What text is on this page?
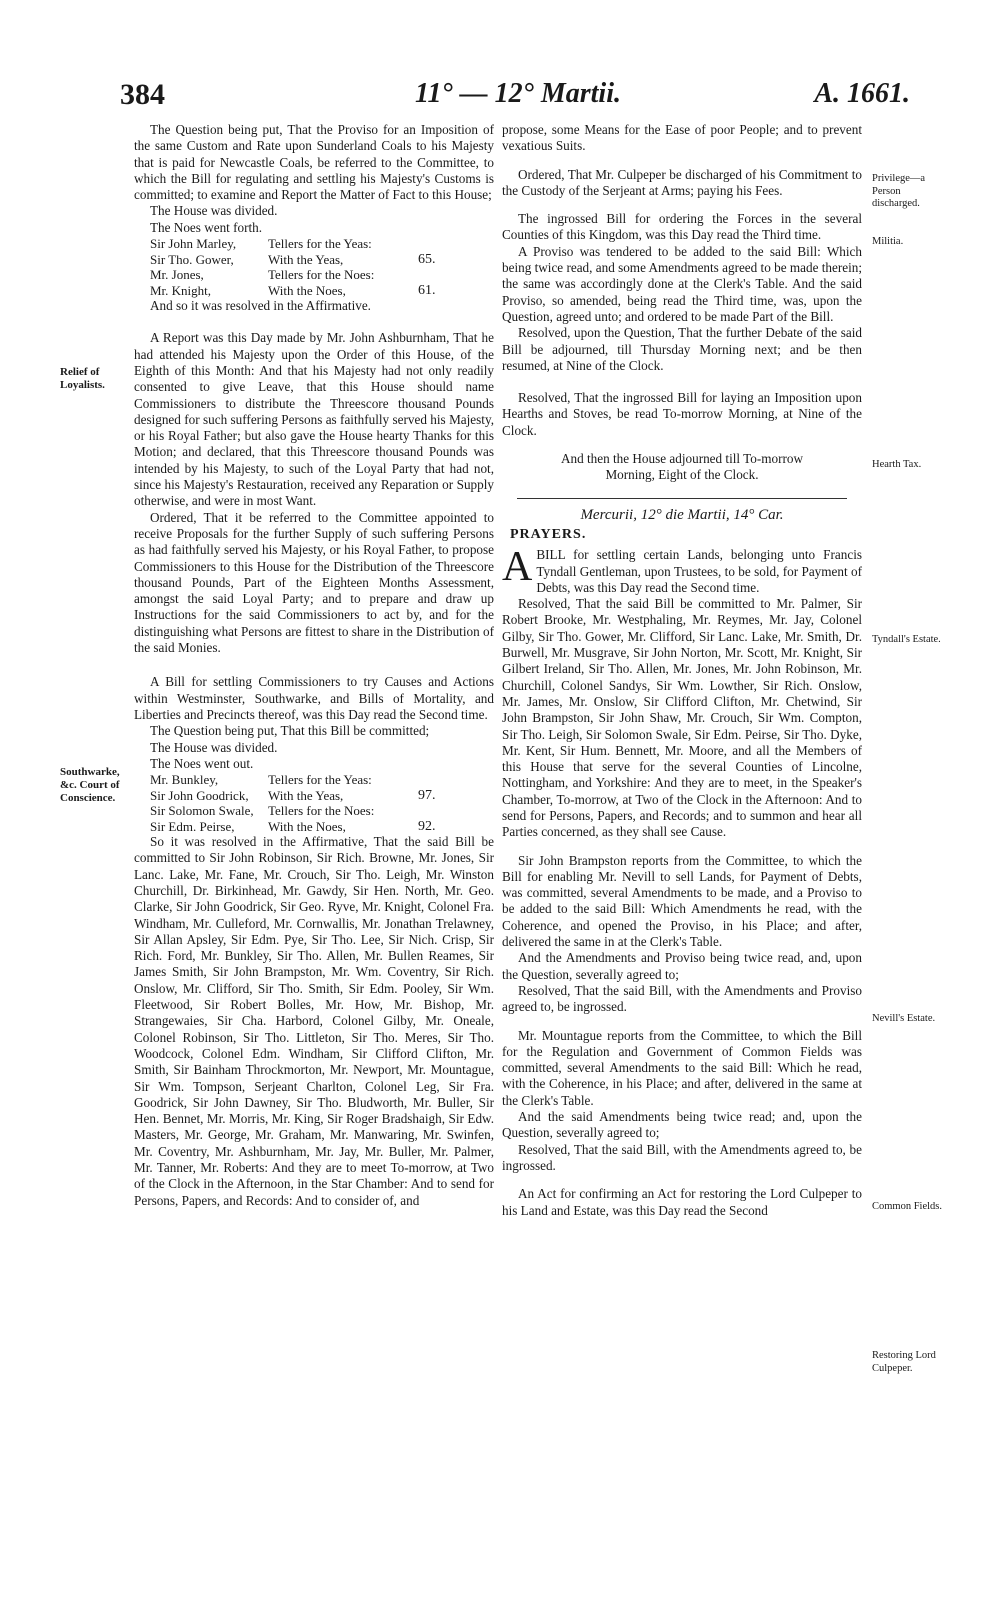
384	11° — 12° Martii.	A. 1661.
Relief of Loyalists.
Southwarke, &c. Court of Conscience.
Privilege—a Person discharged.
Militia.
Hearth Tax.
Tyndall's Estate.
Nevill's Estate.
Common Fields.
Restoring Lord Culpeper.

The Question being put, That the Proviso for an Imposition of the same Custom and Rate upon Sunderland Coals to his Majesty that is paid for Newcastle Coals, be referred to the Committee, to which the Bill for regulating and settling his Majesty's Customs is committed; to examine and Report the Matter of Fact to this House;

The House was divided.

The Noes went forth.

Sir John Marley,	Tellers for the Yeas:
Sir Tho. Gower,	With the Yeas,	65.
Mr. Jones,	Tellers for the Noes:
Mr. Knight,	With the Noes,	61.

And so it was resolved in the Affirmative.

A Report was this Day made by Mr. John Ashburnham, That he had attended his Majesty upon the Order of this House, of the Eighth of this Month: And that his Majesty had not only readily consented to give Leave, that this House should name Commissioners to distribute the Threescore thousand Pounds designed for such suffering Persons as faithfully served his Majesty, or his Royal Father; but also gave the House hearty Thanks for this Motion; and declared, that this Threescore thousand Pounds was intended by his Majesty, to such of the Loyal Party that had not, since his Majesty's Restauration, received any Reparation or Supply otherwise, and were in most Want.

Ordered, That it be referred to the Committee appointed to receive Proposals for the further Supply of such suffering Persons as had faithfully served his Majesty, or his Royal Father, to propose Commissioners to this House for the Distribution of the Threescore thousand Pounds, Part of the Eighteen Months Assessment, amongst the said Loyal Party; and to prepare and draw up Instructions for the said Commissioners to act by, and for the distinguishing what Persons are fittest to share in the Distribution of the said Monies.

A Bill for settling Commissioners to try Causes and Actions within Westminster, Southwarke, and Bills of Mortality, and Liberties and Precincts thereof, was this Day read the Second time.

The Question being put, That this Bill be committed;

The House was divided.

The Noes went out.

Mr. Bunkley,	Tellers for the Yeas:
Sir John Goodrick,	With the Yeas,	97.
Sir Solomon Swale,	Tellers for the Noes:
Sir Edm. Peirse,	With the Noes,	92.

So it was resolved in the Affirmative, That the said Bill be committed to Sir John Robinson, Sir Rich. Browne, Mr. Jones, Sir Lanc. Lake, Mr. Fane, Mr. Crouch, Sir Tho. Leigh, Mr. Winston Churchill, Dr. Birkinhead, Mr. Gawdy, Sir Hen. North, Mr. Geo. Clarke, Sir John Goodrick, Sir Geo. Ryve, Mr. Knight, Colonel Fra. Windham, Mr. Culleford, Mr. Cornwallis, Mr. Jonathan Trelawney, Sir Allan Apsley, Sir Edm. Pye, Sir Tho. Lee, Sir Nich. Crisp, Sir Rich. Ford, Mr. Bunkley, Sir Tho. Allen, Mr. Bullen Reames, Sir James Smith, Sir John Brampston, Mr. Wm. Coventry, Sir Rich. Onslow, Mr. Clifford, Sir Tho. Smith, Sir Edm. Pooley, Sir Wm. Fleetwood, Sir Robert Bolles, Mr. How, Mr. Bishop, Mr. Strangewaies, Sir Cha. Harbord, Colonel Gilby, Mr. Oneale, Colonel Robinson, Sir Tho. Littleton, Sir Tho. Meres, Sir Tho. Woodcock, Colonel Edm. Windham, Sir Clifford Clifton, Mr. Smith, Sir Bainham Throckmorton, Mr. Newport, Mr. Mountague, Sir Wm. Tompson, Serjeant Charlton, Colonel Leg, Sir Fra. Goodrick, Sir John Dawney, Sir Tho. Bludworth, Mr. Buller, Sir Hen. Bennet, Mr. Morris, Mr. King, Sir Roger Bradshaigh, Sir Edw. Masters, Mr. George, Mr. Graham, Mr. Manwaring, Mr. Swinfen, Mr. Coventry, Mr. Ashburnham, Mr. Jay, Mr. Buller, Mr. Palmer, Mr. Tanner, Mr. Roberts: And they are to meet To-morrow, at Two of the Clock in the Afternoon, in the Star Chamber: And to send for Persons, Papers, and Records: And to consider of, and

propose, some Means for the Ease of poor People; and to prevent vexatious Suits.

Ordered, That Mr. Culpeper be discharged of his Commitment to the Custody of the Serjeant at Arms; paying his Fees.

The ingrossed Bill for ordering the Forces in the several Counties of this Kingdom, was this Day read the Third time.

A Proviso was tendered to be added to the said Bill: Which being twice read, and some Amendments agreed to be made therein; the same was accordingly done at the Clerk's Table. And the said Proviso, so amended, being read the Third time, was, upon the Question, agreed unto; and ordered to be made Part of the Bill.

Resolved, upon the Question, That the further Debate of the said Bill be adjourned, till Thursday Morning next; and be then resumed, at Nine of the Clock.

Resolved, That the ingrossed Bill for laying an Imposition upon Hearths and Stoves, be read To-morrow Morning, at Nine of the Clock.

And then the House adjourned till To-morrow Morning, Eight of the Clock.

Mercurii, 12° die Martii, 14° Car.
PRAYERS.

ABILL for settling certain Lands, belonging unto Francis Tyndall Gentleman, upon Trustees, to be sold, for Payment of Debts, was this Day read the Second time.

Resolved, That the said Bill be committed to Mr. Palmer, Sir Robert Brooke, Mr. Westphaling, Mr. Reymes, Mr. Jay, Colonel Gilby, Sir Tho. Gower, Mr. Clifford, Sir Lanc. Lake, Mr. Smith, Dr. Burwell, Mr. Musgrave, Sir John Norton, Mr. Scott, Mr. Knight, Sir Gilbert Ireland, Sir Tho. Allen, Mr. Jones, Mr. John Robinson, Mr. Churchill, Colonel Sandys, Sir Wm. Lowther, Sir Rich. Onslow, Mr. James, Mr. Onslow, Sir Clifford Clifton, Mr. Chetwind, Sir John Brampston, Sir John Shaw, Mr. Crouch, Sir Wm. Compton, Sir Tho. Leigh, Sir Solomon Swale, Sir Edm. Peirse, Sir Tho. Dyke, Mr. Kent, Sir Hum. Bennett, Mr. Moore, and all the Members of this House that serve for the several Counties of Lincolne, Nottingham, and Yorkshire: And they are to meet, in the Speaker's Chamber, To-morrow, at Two of the Clock in the Afternoon: And to send for Persons, Papers, and Records; and to summon and hear all Parties concerned, as they shall see Cause.

Sir John Brampston reports from the Committee, to which the Bill for enabling Mr. Nevill to sell Lands, for Payment of Debts, was committed, several Amendments to be made, and a Proviso to be added to the said Bill: Which Amendments he read, with the Coherence, and opened the Proviso, in his Place; and after, delivered the same in at the Clerk's Table.

And the Amendments and Proviso being twice read, and, upon the Question, severally agreed to;

Resolved, That the said Bill, with the Amendments and Proviso agreed to, be ingrossed.

Mr. Mountague reports from the Committee, to which the Bill for the Regulation and Government of Common Fields was committed, several Amendments to the said Bill: Which he read, with the Coherence, in his Place; and after, delivered in the same at the Clerk's Table.

And the said Amendments being twice read; and, upon the Question, severally agreed to;

Resolved, That the said Bill, with the Amendments agreed to, be ingrossed.

An Act for confirming an Act for restoring the Lord Culpeper to his Land and Estate, was this Day read the Second
